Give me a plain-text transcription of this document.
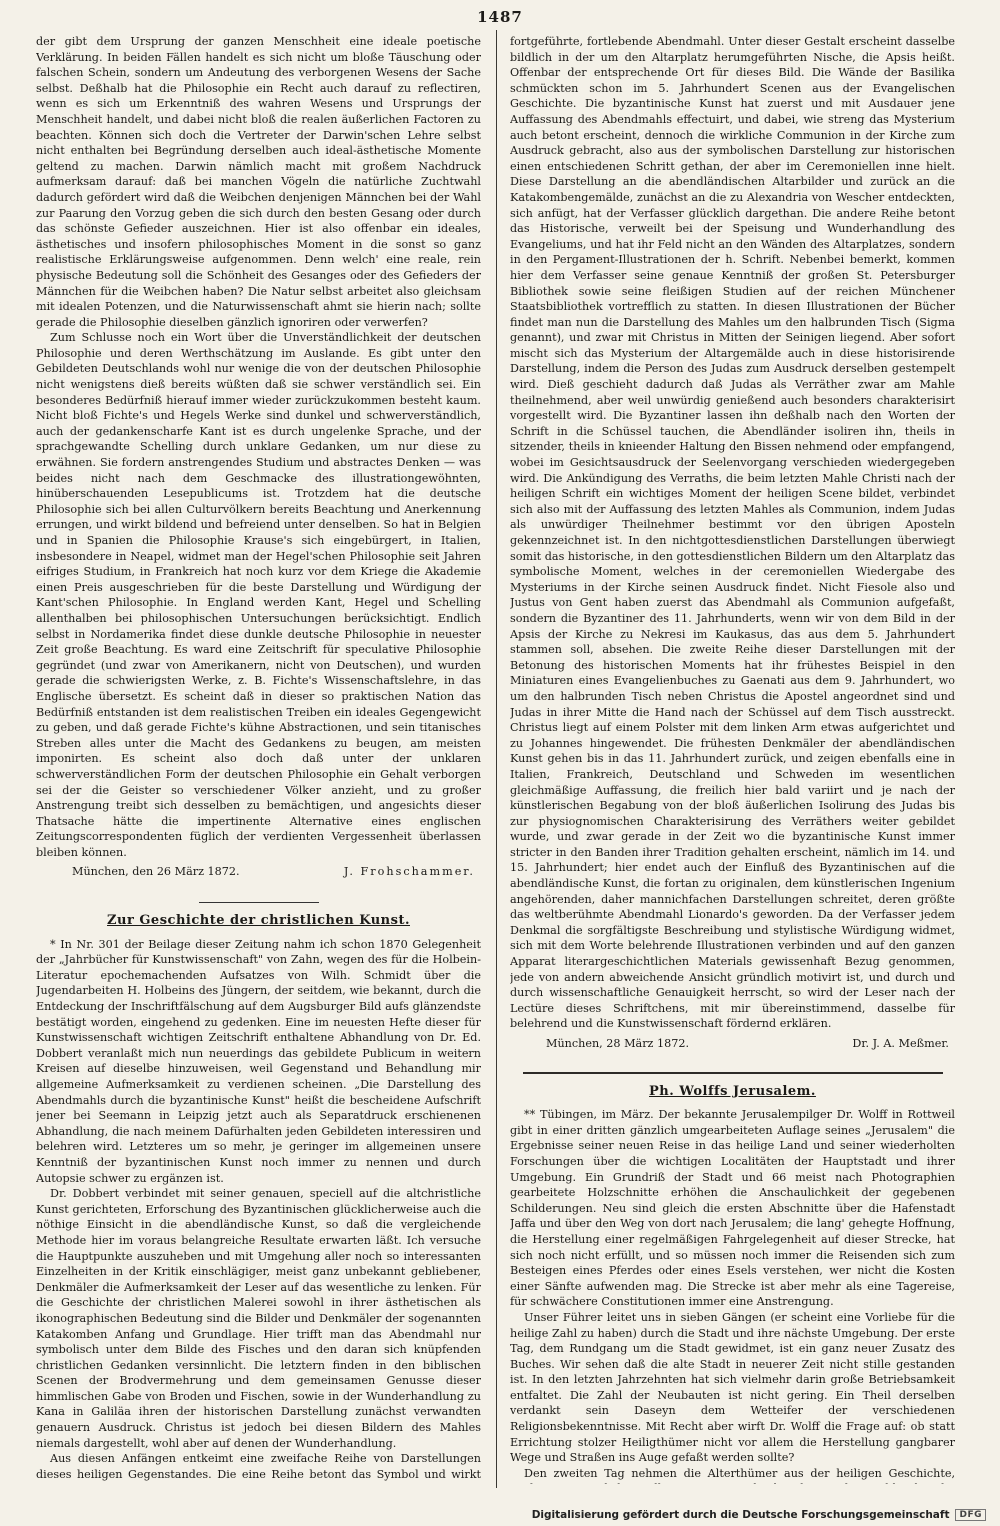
1487

der gibt dem Ursprung der ganzen Menschheit eine ideale poetische Verklärung. In beiden Fällen handelt es sich nicht um bloße Täuschung oder falschen Schein, sondern um Andeutung des verborgenen Wesens der Sache selbst. Deßhalb hat die Philosophie ein Recht auch darauf zu reflectiren, wenn es sich um Erkenntniß des wahren Wesens und Ursprungs der Menschheit handelt, und dabei nicht bloß die realen äußerlichen Factoren zu beachten. Können sich doch die Vertreter der Darwin'schen Lehre selbst nicht enthalten bei Begründung derselben auch ideal-ästhetische Momente geltend zu machen. Darwin nämlich macht mit großem Nachdruck aufmerksam darauf: daß bei manchen Vögeln die natürliche Zuchtwahl dadurch gefördert wird daß die Weibchen denjenigen Männchen bei der Wahl zur Paarung den Vorzug geben die sich durch den besten Gesang oder durch das schönste Gefieder auszeichnen. Hier ist also offenbar ein ideales, ästhetisches und insofern philosophisches Moment in die sonst so ganz realistische Erklärungsweise aufgenommen. Denn welch' eine reale, rein physische Bedeutung soll die Schönheit des Gesanges oder des Gefieders der Männchen für die Weibchen haben? Die Natur selbst arbeitet also gleichsam mit idealen Potenzen, und die Naturwissenschaft ahmt sie hierin nach; sollte gerade die Philosophie dieselben gänzlich ignoriren oder verwerfen?

Zum Schlusse noch ein Wort über die Unverständlichkeit der deutschen Philosophie und deren Werthschätzung im Auslande. Es gibt unter den Gebildeten Deutschlands wohl nur wenige die von der deutschen Philosophie nicht wenigstens dieß bereits wüßten daß sie schwer verständlich sei. Ein besonderes Bedürfniß hierauf immer wieder zurückzukommen besteht kaum. Nicht bloß Fichte's und Hegels Werke sind dunkel und schwerverständlich, auch der gedankenscharfe Kant ist es durch ungelenke Sprache, und der sprachgewandte Schelling durch unklare Gedanken, um nur diese zu erwähnen. Sie fordern anstrengendes Studium und abstractes Denken — was beides nicht nach dem Geschmacke des illustrationgewöhnten, hinüberschauenden Lesepublicums ist. Trotzdem hat die deutsche Philosophie sich bei allen Culturvölkern bereits Beachtung und Anerkennung errungen, und wirkt bildend und befreiend unter denselben. So hat in Belgien und in Spanien die Philosophie Krause's sich eingebürgert, in Italien, insbesondere in Neapel, widmet man der Hegel'schen Philosophie seit Jahren eifriges Studium, in Frankreich hat noch kurz vor dem Kriege die Akademie einen Preis ausgeschrieben für die beste Darstellung und Würdigung der Kant'schen Philosophie. In England werden Kant, Hegel und Schelling allenthalben bei philosophischen Untersuchungen berücksichtigt. Endlich selbst in Nordamerika findet diese dunkle deutsche Philosophie in neuester Zeit große Beachtung. Es ward eine Zeitschrift für speculative Philosophie gegründet (und zwar von Amerikanern, nicht von Deutschen), und wurden gerade die schwierigsten Werke, z. B. Fichte's Wissenschaftslehre, in das Englische übersetzt. Es scheint daß in dieser so praktischen Nation das Bedürfniß entstanden ist dem realistischen Treiben ein ideales Gegengewicht zu geben, und daß gerade Fichte's kühne Abstractionen, und sein titanisches Streben alles unter die Macht des Gedankens zu beugen, am meisten imponirten. Es scheint also doch daß unter der unklaren schwerverständlichen Form der deutschen Philosophie ein Gehalt verborgen sei der die Geister so verschiedener Völker anzieht, und zu großer Anstrengung treibt sich desselben zu bemächtigen, und angesichts dieser Thatsache hätte die impertinente Alternative eines englischen Zeitungscorrespondenten füglich der verdienten Vergessenheit überlassen bleiben können.

München, den 26 März 1872.	J. Frohschammer.
Zur Geschichte der christlichen Kunst.

* In Nr. 301 der Beilage dieser Zeitung nahm ich schon 1870 Gelegenheit der „Jahrbücher für Kunstwissenschaft" von Zahn, wegen des für die Holbein-Literatur epochemachenden Aufsatzes von Wilh. Schmidt über die Jugendarbeiten H. Holbeins des Jüngern, der seitdem, wie bekannt, durch die Entdeckung der Inschriftfälschung auf dem Augsburger Bild aufs glänzendste bestätigt worden, eingehend zu gedenken. Eine im neuesten Hefte dieser für Kunstwissenschaft wichtigen Zeitschrift enthaltene Abhandlung von Dr. Ed. Dobbert veranlaßt mich nun neuerdings das gebildete Publicum in weitern Kreisen auf dieselbe hinzuweisen, weil Gegenstand und Behandlung mir allgemeine Aufmerksamkeit zu verdienen scheinen. „Die Darstellung des Abendmahls durch die byzantinische Kunst" heißt die bescheidene Aufschrift jener bei Seemann in Leipzig jetzt auch als Separatdruck erschienenen Abhandlung, die nach meinem Dafürhalten jeden Gebildeten interessiren und belehren wird. Letzteres um so mehr, je geringer im allgemeinen unsere Kenntniß der byzantinischen Kunst noch immer zu nennen und durch Autopsie schwer zu ergänzen ist.

Dr. Dobbert verbindet mit seiner genauen, speciell auf die altchristliche Kunst gerichteten, Erforschung des Byzantinischen glücklicherweise auch die nöthige Einsicht in die abendländische Kunst, so daß die vergleichende Methode hier im voraus belangreiche Resultate erwarten läßt. Ich versuche die Hauptpunkte auszuheben und mit Umgehung aller noch so interessanten Einzelheiten in der Kritik einschlägiger, meist ganz unbekannt gebliebener, Denkmäler die Aufmerksamkeit der Leser auf das wesentliche zu lenken. Für die Geschichte der christlichen Malerei sowohl in ihrer ästhetischen als ikonographischen Bedeutung sind die Bilder und Denkmäler der sogenannten Katakomben Anfang und Grundlage. Hier trifft man das Abendmahl nur symbolisch unter dem Bilde des Fisches und den daran sich knüpfenden christlichen Gedanken versinnlicht. Die letztern finden in den biblischen Scenen der Brodvermehrung und dem gemeinsamen Genusse dieser himmlischen Gabe von Broden und Fischen, sowie in der Wunderhandlung zu Kana in Galiläa ihren der historischen Darstellung zunächst verwandten genauern Ausdruck. Christus ist jedoch bei diesen Bildern des Mahles niemals dargestellt, wohl aber auf denen der Wunderhandlung.

Aus diesen Anfängen entkeimt eine zweifache Reihe von Darstellungen dieses heiligen Gegenstandes. Die eine Reihe betont das Symbol und wirkt

fortgeführte, fortlebende Abendmahl. Unter dieser Gestalt erscheint dasselbe bildlich in der um den Altarplatz herumgeführten Nische, die Apsis heißt. Offenbar der entsprechende Ort für dieses Bild. Die Wände der Basilika schmückten schon im 5. Jahrhundert Scenen aus der Evangelischen Geschichte. Die byzantinische Kunst hat zuerst und mit Ausdauer jene Auffassung des Abendmahls effectuirt, und dabei, wie streng das Mysterium auch betont erscheint, dennoch die wirkliche Communion in der Kirche zum Ausdruck gebracht, also aus der symbolischen Darstellung zur historischen einen entschiedenen Schritt gethan, der aber im Ceremoniellen inne hielt. Diese Darstellung an die abendländischen Altarbilder und zurück an die Katakombengemälde, zunächst an die zu Alexandria von Wescher entdeckten, sich anfügt, hat der Verfasser glücklich dargethan. Die andere Reihe betont das Historische, verweilt bei der Speisung und Wunderhandlung des Evangeliums, und hat ihr Feld nicht an den Wänden des Altarplatzes, sondern in den Pergament-Illustrationen der h. Schrift. Nebenbei bemerkt, kommen hier dem Verfasser seine genaue Kenntniß der großen St. Petersburger Bibliothek sowie seine fleißigen Studien auf der reichen Münchener Staatsbibliothek vortrefflich zu statten. In diesen Illustrationen der Bücher findet man nun die Darstellung des Mahles um den halbrunden Tisch (Sigma genannt), und zwar mit Christus in Mitten der Seinigen liegend. Aber sofort mischt sich das Mysterium der Altargemälde auch in diese historisirende Darstellung, indem die Person des Judas zum Ausdruck derselben gestempelt wird. Dieß geschieht dadurch daß Judas als Verräther zwar am Mahle theilnehmend, aber weil unwürdig genießend auch besonders charakterisirt vorgestellt wird. Die Byzantiner lassen ihn deßhalb nach den Worten der Schrift in die Schüssel tauchen, die Abendländer isoliren ihn, theils in sitzender, theils in knieender Haltung den Bissen nehmend oder empfangend, wobei im Gesichtsausdruck der Seelenvorgang verschieden wiedergegeben wird. Die Ankündigung des Verraths, die beim letzten Mahle Christi nach der heiligen Schrift ein wichtiges Moment der heiligen Scene bildet, verbindet sich also mit der Auffassung des letzten Mahles als Communion, indem Judas als unwürdiger Theilnehmer bestimmt vor den übrigen Aposteln gekennzeichnet ist. In den nichtgottesdienstlichen Darstellungen überwiegt somit das historische, in den gottesdienstlichen Bildern um den Altarplatz das symbolische Moment, welches in der ceremoniellen Wiedergabe des Mysteriums in der Kirche seinen Ausdruck findet. Nicht Fiesole also und Justus von Gent haben zuerst das Abendmahl als Communion aufgefaßt, sondern die Byzantiner des 11. Jahrhunderts, wenn wir von dem Bild in der Apsis der Kirche zu Nekresi im Kaukasus, das aus dem 5. Jahrhundert stammen soll, absehen. Die zweite Reihe dieser Darstellungen mit der Betonung des historischen Moments hat ihr frühestes Beispiel in den Miniaturen eines Evangelienbuches zu Gaenati aus dem 9. Jahrhundert, wo um den halbrunden Tisch neben Christus die Apostel angeordnet sind und Judas in ihrer Mitte die Hand nach der Schüssel auf dem Tisch ausstreckt. Christus liegt auf einem Polster mit dem linken Arm etwas aufgerichtet und zu Johannes hingewendet. Die frühesten Denkmäler der abendländischen Kunst gehen bis in das 11. Jahrhundert zurück, und zeigen ebenfalls eine in Italien, Frankreich, Deutschland und Schweden im wesentlichen gleichmäßige Auffassung, die freilich hier bald variirt und je nach der künstlerischen Begabung von der bloß äußerlichen Isolirung des Judas bis zur physiognomischen Charakterisirung des Verräthers weiter gebildet wurde, und zwar gerade in der Zeit wo die byzantinische Kunst immer stricter in den Banden ihrer Tradition gehalten erscheint, nämlich im 14. und 15. Jahrhundert; hier endet auch der Einfluß des Byzantinischen auf die abendländische Kunst, die fortan zu originalen, dem künstlerischen Ingenium angehörenden, daher mannichfachen Darstellungen schreitet, deren größte das weltberühmte Abendmahl Lionardo's geworden. Da der Verfasser jedem Denkmal die sorgfältigste Beschreibung und stylistische Würdigung widmet, sich mit dem Worte belehrende Illustrationen verbinden und auf den ganzen Apparat literargeschichtlichen Materials gewissenhaft Bezug genommen, jede von andern abweichende Ansicht gründlich motivirt ist, und durch und durch wissenschaftliche Genauigkeit herrscht, so wird der Leser nach der Lectüre dieses Schriftchens, mit mir übereinstimmend, dasselbe für belehrend und die Kunstwissenschaft fördernd erklären.

München, 28 März 1872.	Dr. J. A. Meßmer.
Ph. Wolffs Jerusalem.

** Tübingen, im März. Der bekannte Jerusalempilger Dr. Wolff in Rottweil gibt in einer dritten gänzlich umgearbeiteten Auflage seines „Jerusalem" die Ergebnisse seiner neuen Reise in das heilige Land und seiner wiederholten Forschungen über die wichtigen Localitäten der Hauptstadt und ihrer Umgebung. Ein Grundriß der Stadt und 66 meist nach Photographien gearbeitete Holzschnitte erhöhen die Anschaulichkeit der gegebenen Schilderungen. Neu sind gleich die ersten Abschnitte über die Hafenstadt Jaffa und über den Weg von dort nach Jerusalem; die lang' gehegte Hoffnung, die Herstellung einer regelmäßigen Fahrgelegenheit auf dieser Strecke, hat sich noch nicht erfüllt, und so müssen noch immer die Reisenden sich zum Besteigen eines Pferdes oder eines Esels verstehen, wer nicht die Kosten einer Sänfte aufwenden mag. Die Strecke ist aber mehr als eine Tagereise, für schwächere Constitutionen immer eine Anstrengung.

Unser Führer leitet uns in sieben Gängen (er scheint eine Vorliebe für die heilige Zahl zu haben) durch die Stadt und ihre nächste Umgebung. Der erste Tag, dem Rundgang um die Stadt gewidmet, ist ein ganz neuer Zusatz des Buches. Wir sehen daß die alte Stadt in neuerer Zeit nicht stille gestanden ist. In den letzten Jahrzehnten hat sich vielmehr darin große Betriebsamkeit entfaltet. Die Zahl der Neubauten ist nicht gering. Ein Theil derselben verdankt sein Daseyn dem Wetteifer der verschiedenen Religionsbekenntnisse. Mit Recht aber wirft Dr. Wolff die Frage auf: ob statt Errichtung stolzer Heiligthümer nicht vor allem die Herstellung gangbarer Wege und Straßen ins Auge gefaßt werden sollte?

Den zweiten Tag nehmen die Alterthümer aus der heiligen Geschichte,

Digitalisierung gefördert durch die Deutsche Forschungsgemeinschaft	DFG
